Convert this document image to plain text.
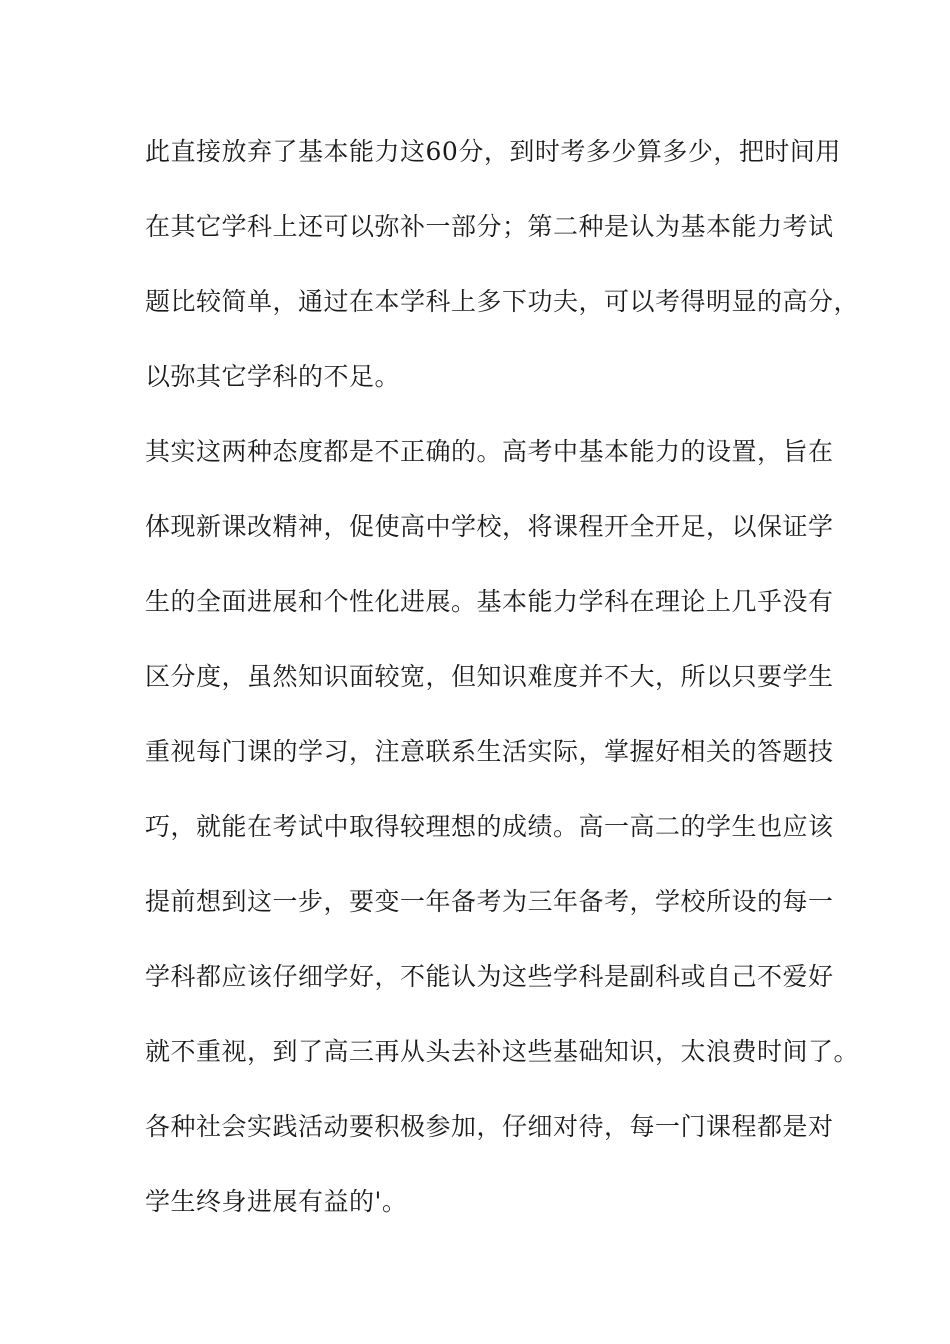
此直接放弃了基本能力这60分，到时考多少算多少，把时间用

在其它学科上还可以弥补一部分；第二种是认为基本能力考试

题比较简单，通过在本学科上多下功夫，可以考得明显的高分，

以弥其它学科的不足。

其实这两种态度都是不正确的。高考中基本能力的设置，旨在

体现新课改精神，促使高中学校，将课程开全开足，以保证学

生的全面进展和个性化进展。基本能力学科在理论上几乎没有

区分度，虽然知识面较宽，但知识难度并不大，所以只要学生

重视每门课的学习，注意联系生活实际，掌握好相关的答题技

巧，就能在考试中取得较理想的成绩。高一高二的学生也应该

提前想到这一步，要变一年备考为三年备考，学校所设的每一

学科都应该仔细学好，不能认为这些学科是副科或自己不爱好

就不重视，到了高三再从头去补这些基础知识，太浪费时间了。

各种社会实践活动要积极参加，仔细对待，每一门课程都是对

学生终身进展有益的'。
